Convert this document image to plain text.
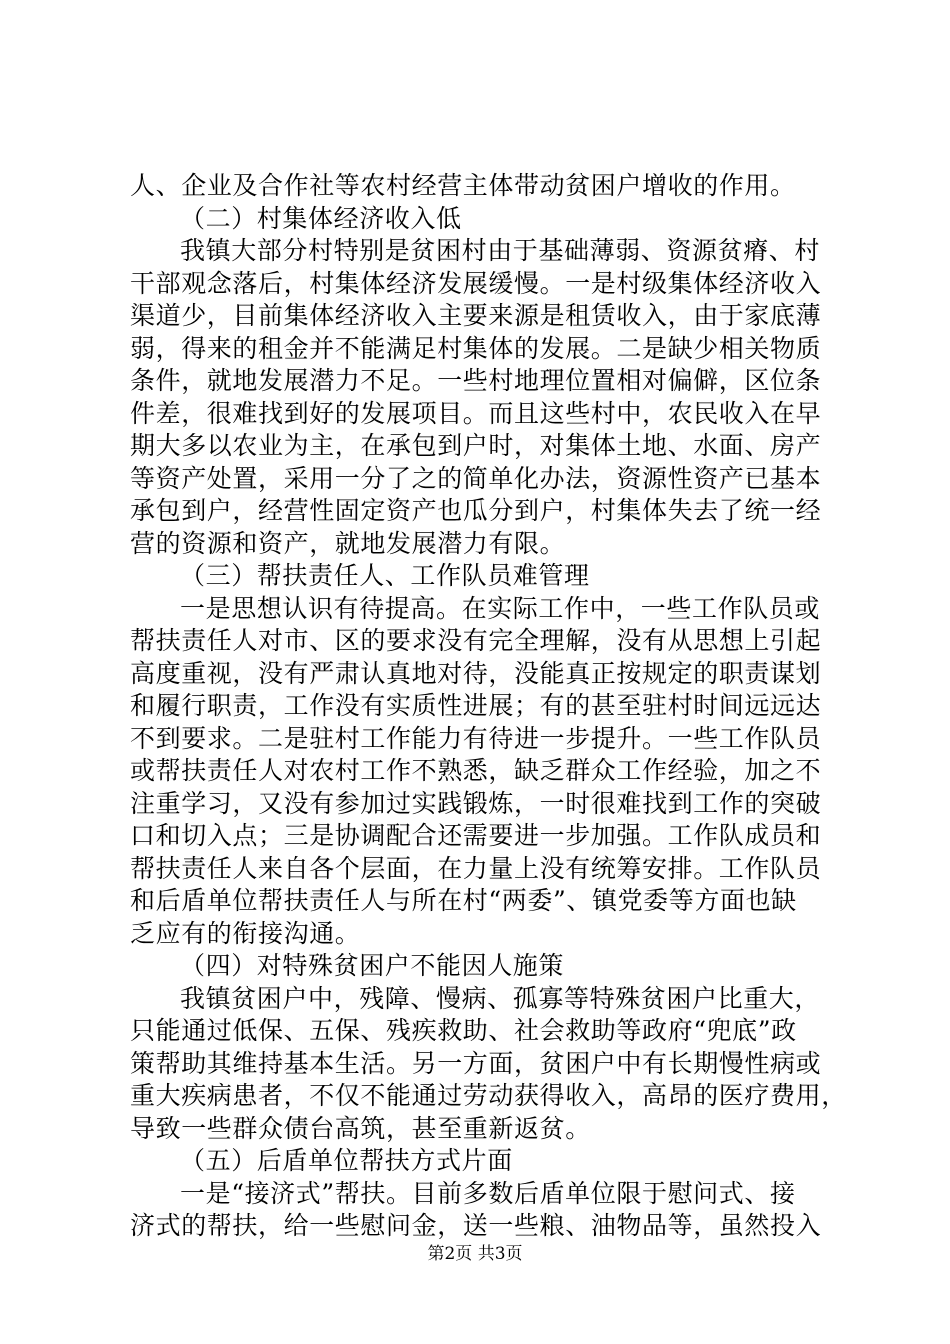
人、企业及合作社等农村经营主体带动贫困户增收的作用。
（二）村集体经济收入低
我镇大部分村特别是贫困村由于基础薄弱、资源贫瘠、村
干部观念落后，村集体经济发展缓慢。一是村级集体经济收入
渠道少，目前集体经济收入主要来源是租赁收入，由于家底薄
弱，得来的租金并不能满足村集体的发展。二是缺少相关物质
条件，就地发展潜力不足。一些村地理位置相对偏僻，区位条
件差，很难找到好的发展项目。而且这些村中，农民收入在早
期大多以农业为主，在承包到户时，对集体土地、水面、房产
等资产处置，采用一分了之的简单化办法，资源性资产已基本
承包到户，经营性固定资产也瓜分到户，村集体失去了统一经
营的资源和资产，就地发展潜力有限。
（三）帮扶责任人、工作队员难管理
一是思想认识有待提高。在实际工作中，一些工作队员或
帮扶责任人对市、区的要求没有完全理解，没有从思想上引起
高度重视，没有严肃认真地对待，没能真正按规定的职责谋划
和履行职责，工作没有实质性进展；有的甚至驻村时间远远达
不到要求。二是驻村工作能力有待进一步提升。一些工作队员
或帮扶责任人对农村工作不熟悉，缺乏群众工作经验，加之不
注重学习，又没有参加过实践锻炼，一时很难找到工作的突破
口和切入点；三是协调配合还需要进一步加强。工作队成员和
帮扶责任人来自各个层面，在力量上没有统筹安排。工作队员
和后盾单位帮扶责任人与所在村“两委”、镇党委等方面也缺
乏应有的衔接沟通。
（四）对特殊贫困户不能因人施策
我镇贫困户中，残障、慢病、孤寡等特殊贫困户比重大，
只能通过低保、五保、残疾救助、社会救助等政府“兜底”政
策帮助其维持基本生活。另一方面，贫困户中有长期慢性病或
重大疾病患者，不仅不能通过劳动获得收入，高昂的医疗费用，
导致一些群众债台高筑，甚至重新返贫。
（五）后盾单位帮扶方式片面
一是“接济式”帮扶。目前多数后盾单位限于慰问式、接
济式的帮扶，给一些慰问金，送一些粮、油物品等，虽然投入
第2页 共3页
